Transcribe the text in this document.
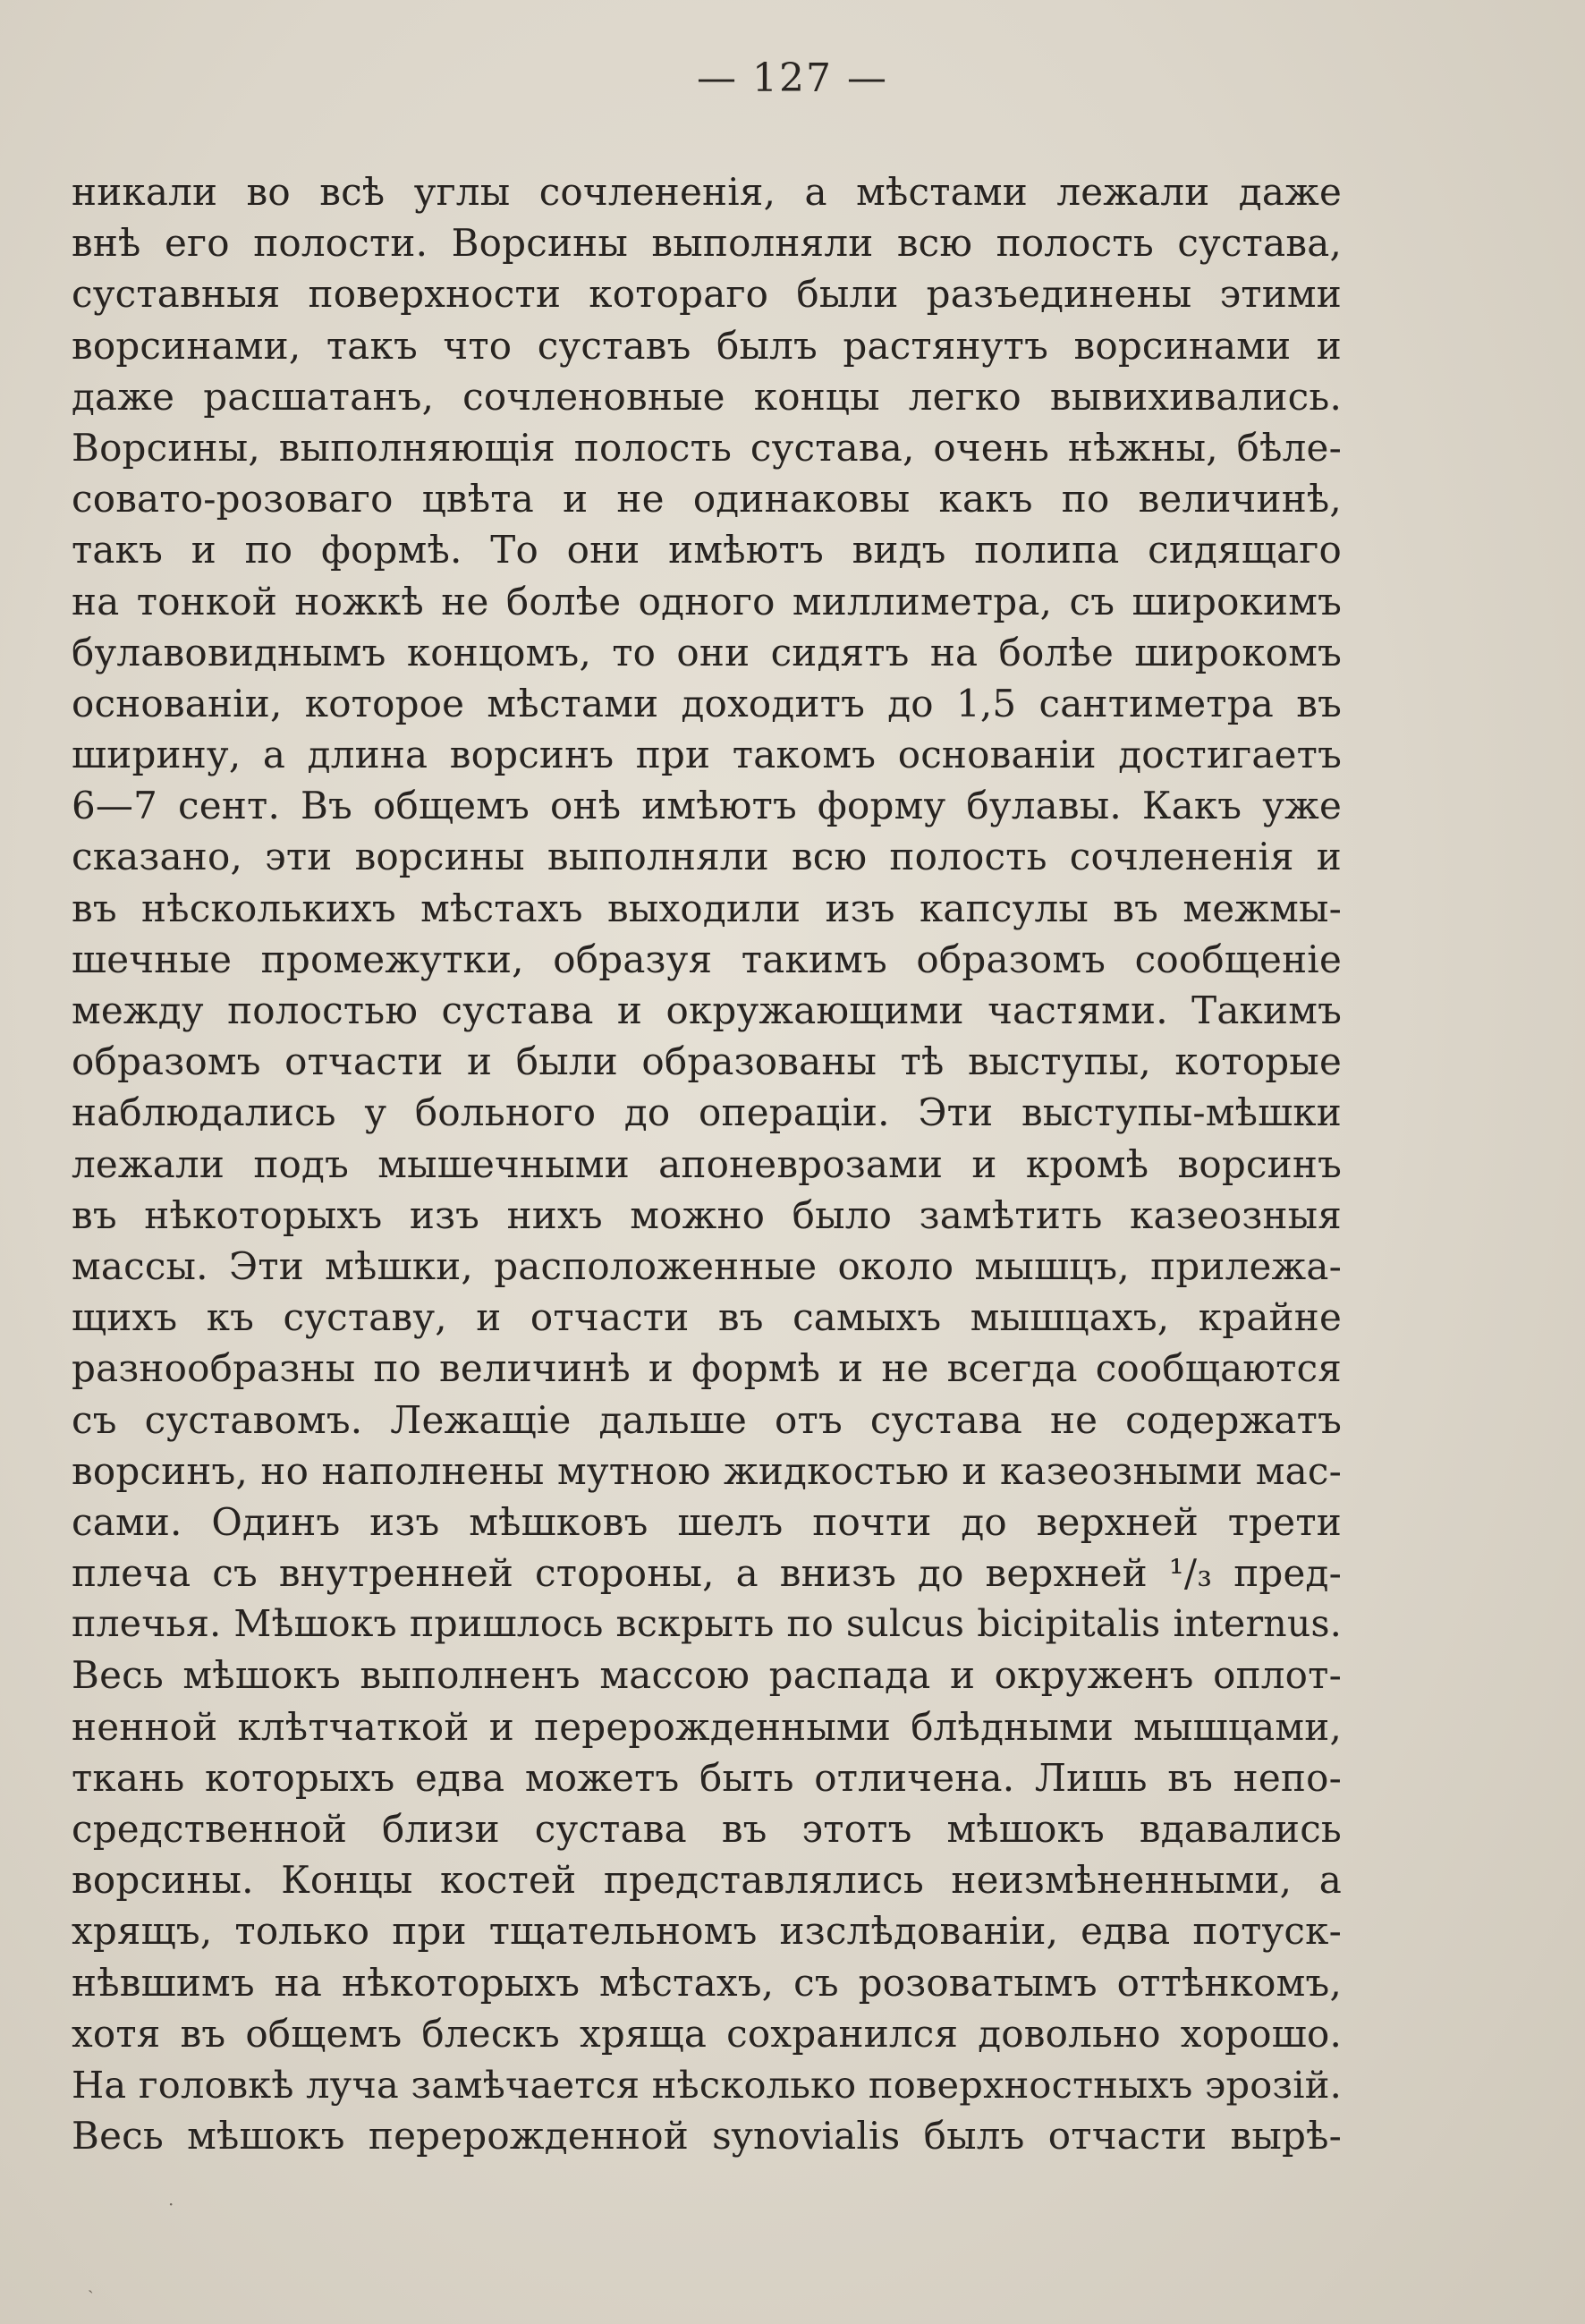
— 127 —
никали во всѣ углы сочлененія, а мѣстами лежали даже
внѣ его полости. Ворсины выполняли всю полость сустава,
суставныя поверхности котораго были разъединены этими
ворсинами, такъ что суставъ былъ растянутъ ворсинами и
даже расшатанъ, сочленовные концы легко вывихивались.
Ворсины, выполняющія полость сустава, очень нѣжны, бѣле-
совато-розоваго цвѣта и не одинаковы какъ по величинѣ,
такъ и по формѣ. То они имѣютъ видъ полипа сидящаго
на тонкой ножкѣ не болѣе одного миллиметра, съ широкимъ
булавовиднымъ концомъ, то они сидятъ на болѣе широкомъ
основаніи, которое мѣстами доходитъ до 1,5 сантиметра въ
ширину, а длина ворсинъ при такомъ основаніи достигаетъ
6—7 сент. Въ общемъ онѣ имѣютъ форму булавы. Какъ уже
сказано, эти ворсины выполняли всю полость сочлененія и
въ нѣсколькихъ мѣстахъ выходили изъ капсулы въ межмы-
шечные промежутки, образуя такимъ образомъ сообщеніе
между полостью сустава и окружающими частями. Такимъ
образомъ отчасти и были образованы тѣ выступы, которые
наблюдались у больного до операціи. Эти выступы-мѣшки
лежали подъ мышечными апоневрозами и кромѣ ворсинъ
въ нѣкоторыхъ изъ нихъ можно было замѣтить казеозныя
массы. Эти мѣшки, расположенные около мышцъ, прилежа-
щихъ къ суставу, и отчасти въ самыхъ мышцахъ, крайне
разнообразны по величинѣ и формѣ и не всегда сообщаются
съ суставомъ. Лежащіе дальше отъ сустава не содержатъ
ворсинъ, но наполнены мутною жидкостью и казеозными мас-
сами. Одинъ изъ мѣшковъ шелъ почти до верхней трети
плеча съ внутренней стороны, а внизъ до верхней ¹/₃ пред-
плечья. Мѣшокъ пришлось вскрыть по sulcus bicipitalis internus.
Весь мѣшокъ выполненъ массою распада и окруженъ оплот-
ненной клѣтчаткой и перерожденными блѣдными мышцами,
ткань которыхъ едва можетъ быть отличена. Лишь въ непо-
средственной близи сустава въ этотъ мѣшокъ вдавались
ворсины. Концы костей представлялись неизмѣненными, а
хрящъ, только при тщательномъ изслѣдованіи, едва потуск-
нѣвшимъ на нѣкоторыхъ мѣстахъ, съ розоватымъ оттѣнкомъ,
хотя въ общемъ блескъ хряща сохранился довольно хорошо.
На головкѣ луча замѣчается нѣсколько поверхностныхъ эрозій.
Весь мѣшокъ перерожденной synovialis былъ отчасти вырѣ-
·
ˎ
